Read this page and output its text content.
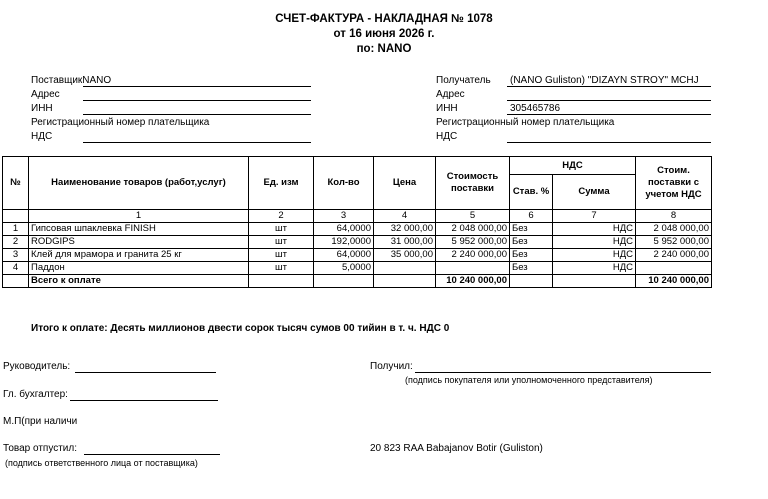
СЧЕТ-ФАКТУРА - НАКЛАДНАЯ № 1078
от 16 июня 2026 г.
по: NANO
ПоставщикNANO
Адрес
ИНН
Регистрационный номер плательщика
НДС
Получатель (NANO Guliston) "DIZAYN STROY" MCHJ
Адрес
ИНН	305465786
Регистрационный номер плательщика
НДС
№	Наименование товаров (работ,услуг)	Ед. изм	Кол-во	Цена	Стоимость поставки	НДС		Стоим. поставки с учетом НДС
						Став. %	Сумма	
	1	2	3	4	5	6	7	8
1	Гипсовая шпаклевка FINISH	шт	64,0000	32 000,00	2 048 000,00	Без	НДС	2 048 000,00
2	RODGIPS	шт	192,0000	31 000,00	5 952 000,00	Без	НДС	5 952 000,00
3	Клей для мрамора и гранита 25 кг	шт	64,0000	35 000,00	2 240 000,00	Без	НДС	2 240 000,00
4	Паддон	шт	5,0000			Без	НДС	
	Всего к оплате				10 240 000,00			10 240 000,00
Итого к оплате: Десять миллионов двести сорок тысяч сумов 00 тийин в т. ч. НДС 0
Руководитель:	Получил:
(подпись покупателя или уполномоченного представителя)
Гл. бухгалтер:
М.П(при наличи
Товар отпустил:
(подпись ответственного лица от поставщика)
20 823 RAA Babajanov Botir (Guliston)
